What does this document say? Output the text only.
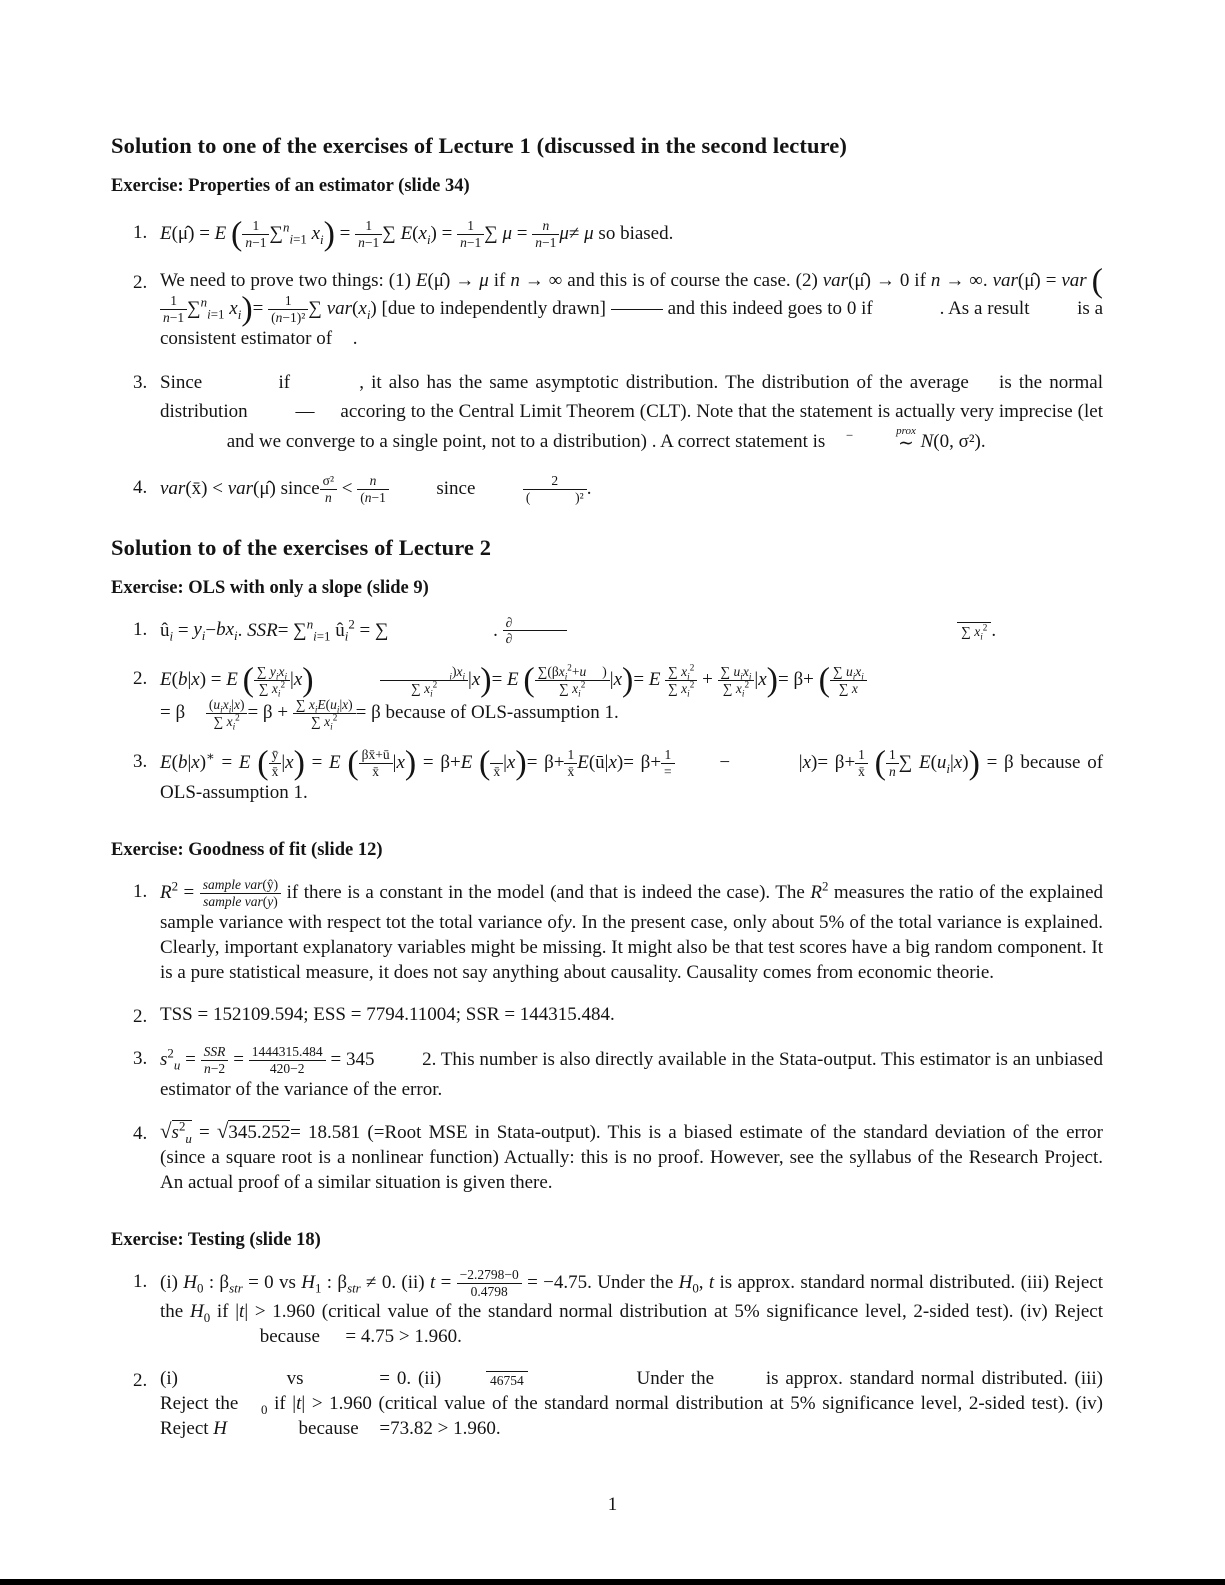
Solution to one of the exercises of Lecture 1 (discussed in the second lecture)
Exercise: Properties of an estimator (slide 34)
1. E(μ̂) = E ( $\frac{1}{n-1} \sum^n_{i=1}$ $x_i) = \frac{1}{n-1}$ ∑ $E(x_i) = \frac{1}{n-1}$ ∑ $\mu = \frac{n}{n-1} \mu\ne \mu$ so biased.
2. We need to prove two things: (1) E(μ̂) → μ if n → ∞ and this is of course the case. (2) var(μ̂) → 0 if n → ∞. var(μ̂) = var (
$\frac{1}{n-1} \sum^n_{i=1}$ $x_i)= \frac{1}{\text{(n−1)²}}$ ∑ $var(x_i)$ [due to independently drawn]	and this indeed goes to 0 if	. As a result  is a consistent estimator of .
3. Since	if	, it also has the same asymptotic distribution. The distribution of the average  is the normal distribution  —  accoring to the Central Limit Theorem (CLT). Note that the statement is actually very imprecise (let  and we converge to a single point, not to a distribution) . A correct statement is −	prox
∼ N(0, σ²).
4. var(x̄) < var(μ̂) since $\frac{\text{σ²}}{n} < \frac{n}{(n-1}$ since	2
(	)² .
Solution to of the exercises of Lecture 2
Exercise: OLS with only a slope (slide 9)
1. $û_i = y_i-bx_i$. SSR= ∑$^n_{i=1}$ $û_i^2$ = ∑	. ∂
∂
∑ $x_i^2$ .
2. E(b|x) = E ( ∑ $y_ix_i$
∑ $x_i^2$ |x)	$\frac{_i)x_i}{\sum x_i^2} |x)= E$ ( $\sum(\beta x_i^2+u$ )
∑ $x_i^2$	|x)= E $\frac{\sum x_i^2}{\sum x_i^2}$ + ∑ $u_ix_i$
∑ $x_i^2$ |x)= β+ ( ∑ $u_ix_i$
∑ x

= β $(u_ix_i|x)$
∑ $x_i^2 = \beta$ + ∑ $x_iE(u_i|x)$
∑ $x_i^2 = \beta$ because of OLS-assumption 1.
3. E(b|x)∗ = E ( $\frac{ȳ}{x̄} |x) = E$ ( $\frac{\beta x̄+ū}{x̄} |x) = \beta+E$ (
x̄ $|x)= \beta+ \frac{1}{x̄}$ E(ū|x)= β+ 1
=	−	$|x)= \beta+ \frac{1}{x̄}$ ( $\frac{1}{n}$ ∑ $E(u_i|x)) = \beta$ because of OLS-assumption 1.
Exercise: Goodness of fit (slide 12)
1. $R^2$ = sample var(ŷ)
sample var(y) if there is a constant in the model (and that is indeed the case). The $R^2$ measures the ratio of the explained sample variance with respect tot the total variance ofy. In the present case, only about 5% of the total variance is explained. Clearly, important explanatory variables might be missing. It might also be that test scores have a big random component. It is a pure statistical measure, it does not say anything about causality. Causality comes from economic theorie.
2. TSS = 152109.594; ESS = 7794.11004; SSR = 144315.484.
3. $s^2_u$ = SSR
$n-2 = \frac{1444315.484}{420-2} = 345$  2. This number is also directly available in the Stata-output. This estimator is an unbiased estimator of the variance of the error.
4. $√s^2_u = √345.252= 18.581$ (=Root MSE in Stata-output). This is a biased estimate of the standard deviation of the error (since a square root is a nonlinear function) Actually: this is no proof. However, see the syllabus of the Research Project. An actual proof of a similar situation is given there.
Exercise: Testing (slide 18)
1. (i) $H_0$ : $\beta_{str} = 0$ vs $H_1$ : $\beta_{str} \ne 0$. (ii) $t = \frac{-2.2798-0}{0.4798} = -4.75$. Under the $H_0$, t is approx. standard normal distributed. (iii) Reject the $H_0$ if |t| > 1.960 (critical value of the standard normal distribution at 5% significance level, 2-sided test). (iv) Reject  because  = 4.75 > 1.960.
2. (i)	vs	= 0. (ii)	46754	Under the  is approx. standard normal distributed. (iii) Reject the $_0$ if |t| > 1.960 (critical value of the standard normal distribution at 5% significance level, 2-sided test). (iv) Reject H	because =73.82 > 1.960.
1
